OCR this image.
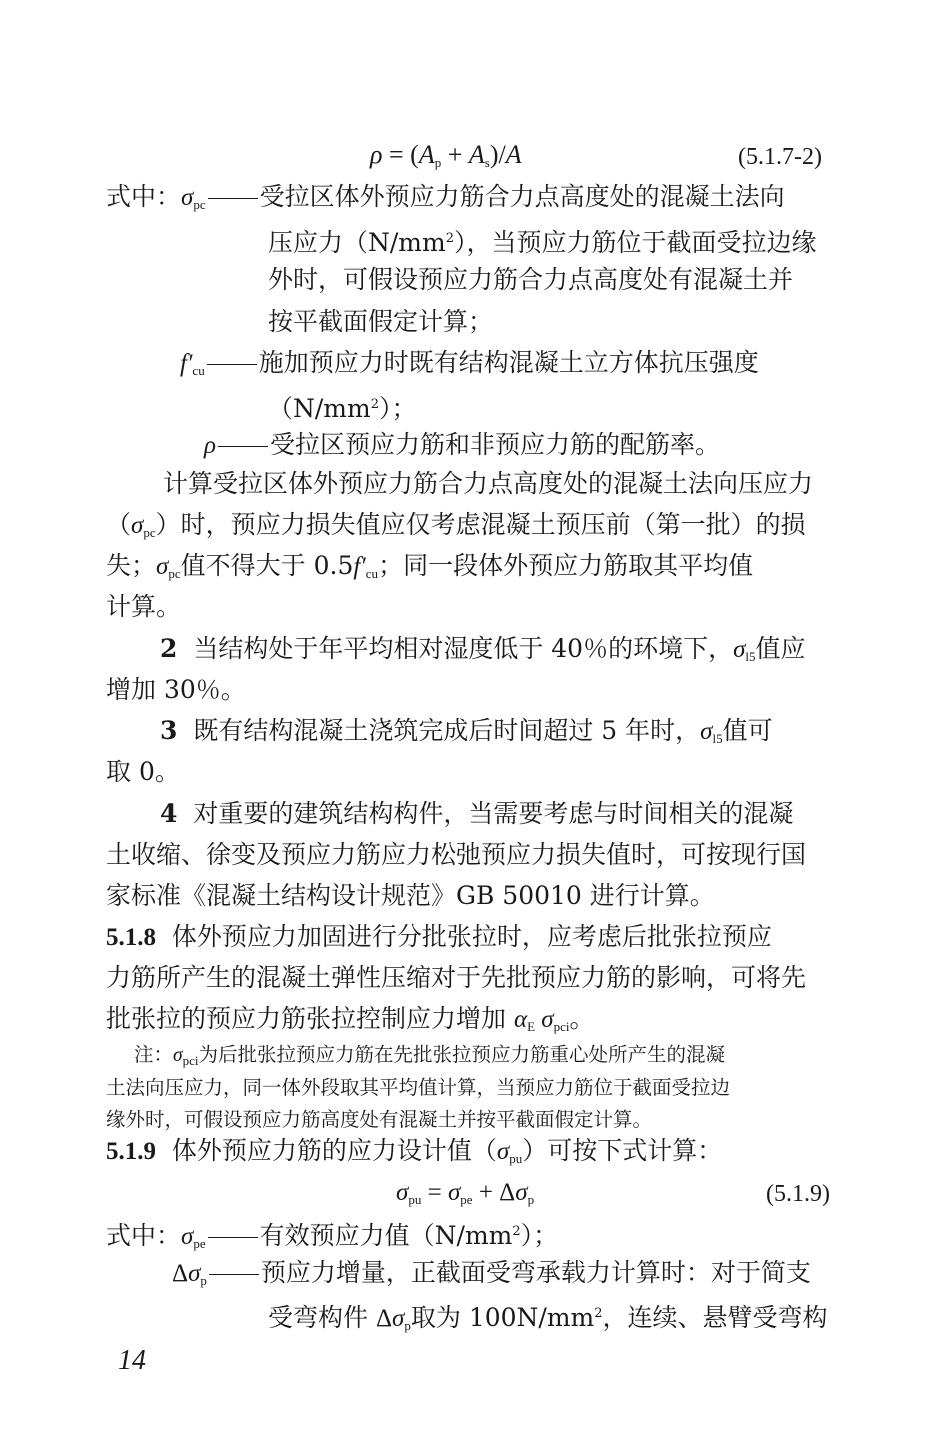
$\rho = (A_p + A_s)/A$	(5.1.7-2)
式中：$\sigma_{pc}$ 受拉区体外预应力筋合力点高度处的混凝土法向
压应力$(N/mm^2)$，当预应力筋位于截面受拉边缘
外时，可假设预应力筋合力点高度处有混凝土并
按平截面假定计算；
$f'_{cu}$ 施加预应力时既有结构混凝土立方体抗压强度
$(N/mm^2)$；
ρ 受拉区预应力筋和非预应力筋的配筋率。
计算受拉区体外预应力筋合力点高度处的混凝土法向压应力
$(\sigma_{pc})$时，预应力损失值应仅考虑混凝土预压前（第一批）的损
失；$\sigma_{pc}$值不得大于 $0.5f'_{cu}$；同一段体外预应力筋取其平均值
计算。
2 当结构处于年平均相对湿度低于 40％的环境下，$\sigma_{l5}$值应
增加 30％。
3 既有结构混凝土浇筑完成后时间超过 5 年时，$\sigma_{l5}$值可
取 0。
4 对重要的建筑结构构件，当需要考虑与时间相关的混凝
土收缩、徐变及预应力筋应力松弛预应力损失值时，可按现行国
家标准《混凝土结构设计规范》GB 50010 进行计算。
5.1.8 体外预应力加固进行分批张拉时，应考虑后批张拉预应
力筋所产生的混凝土弹性压缩对于先批预应力筋的影响，可将先
批张拉的预应力筋张拉控制应力增加 $\alpha_E$ $\sigma_{pci}$。
注：$\sigma_{pci}$为后批张拉预应力筋在先批张拉预应力筋重心处所产生的混凝
土法向压应力，同一体外段取其平均值计算，当预应力筋位于截面受拉边
缘外时，可假设预应力筋高度处有混凝土并按平截面假定计算。
5.1.9 体外预应力筋的应力设计值$(\sigma_{pu})$可按下式计算：
$\sigma_{pu} = \sigma_{pe} + \Delta\sigma_p$	(5.1.9)
式中：$\sigma_{pe}$ 有效预应力值$(N/mm^2)$；
$\Delta\sigma_p$ 预应力增量，正截面受弯承载力计算时：对于简支
受弯构件 $\Delta\sigma_p$取为 $100N/mm^2$，连续、悬臂受弯构
14
